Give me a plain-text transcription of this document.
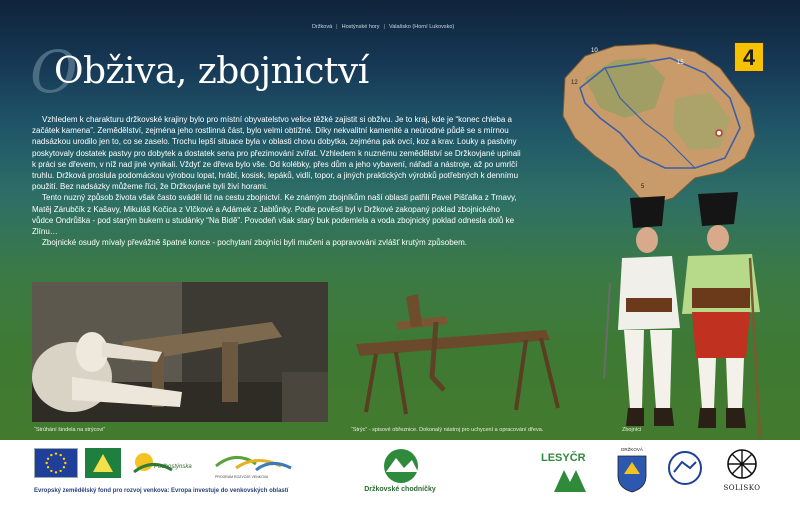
Držková | Hostýnské hory | Valašsko (Horní Lukovsko)
O
Obživa, zbojnictví

Vzhledem k charakturu držkovské krajiny bylo pro místní obyvatelstvo velice těžké zajistit si obživu. Je to kraj, kde je “konec chleba a začátek kamena”. Zemědělství, zejména jeho rostlinná část, bylo velmi obtížné. Díky nekvalitní kamenité a neúrodné půdě se s mírnou nadsázkou urodilo jen to, co se zaselo. Trochu lepší situace byla v oblasti chovu dobytka, zejména pak ovcí, koz a krav. Louky a pastviny poskytovaly dostatek pastvy pro dobytek a dostatek sena pro přezimování zvířat. Vzhledem k nuznému zemědělství se Držkovjané upínali k práci se dřevem, v níž nad jiné vynikali. Vždyť ze dřeva bylo vše. Od kolébky, přes dům a jeho vybavení, nářadí a nástroje, až po umrlčí truhlu. Držková proslula podomáckou výrobou lopat, hrábí, kosisk, lepáků, vidlí, topor, a jiných praktických výrobků potřebných k dennímu použití. Bez nadsázky můžeme říci, že Držkovjané byli živí horami.

Tento nuzný způsob života však často sváděl lid na cestu zbojnictví. Ke známým zbojníkům naší oblasti patřili Pavel Pišťalka z Trnavy, Matěj Zárubčík z Kašavy, Mikuláš Kočica z Vlčkové a Adámek z Jablůnky. Podle pověsti byl v Držkové zakopaný poklad zbojnického vůdce Ondrůška - pod starým bukem u studánky “Na Bidě”. Povodeň však starý buk podemlela a voda zbojnický poklad odnesla dolů ke Zlínu…

Zbojnické osudy mívaly převážně špatné konce - pochytaní zbojníci byli mučeni a popravováni zvlášť krutým způsobem.

10
15
12
5
4
“Strúhání šindela na strýcovi”	“Strýc” - spisové obřeznice. Dokonalý nástroj pro uchycení a opracování dřeva.	Zbojníci
Podhostýnska
PROGRAM ROZVOJE VENKOVA
Evropský zemědělský fond pro rozvoj venkova: Evropa investuje do venkovských oblastí	Držkovské chodníčky
LESYČR
DRŽKOVÁ
SOLISKO
